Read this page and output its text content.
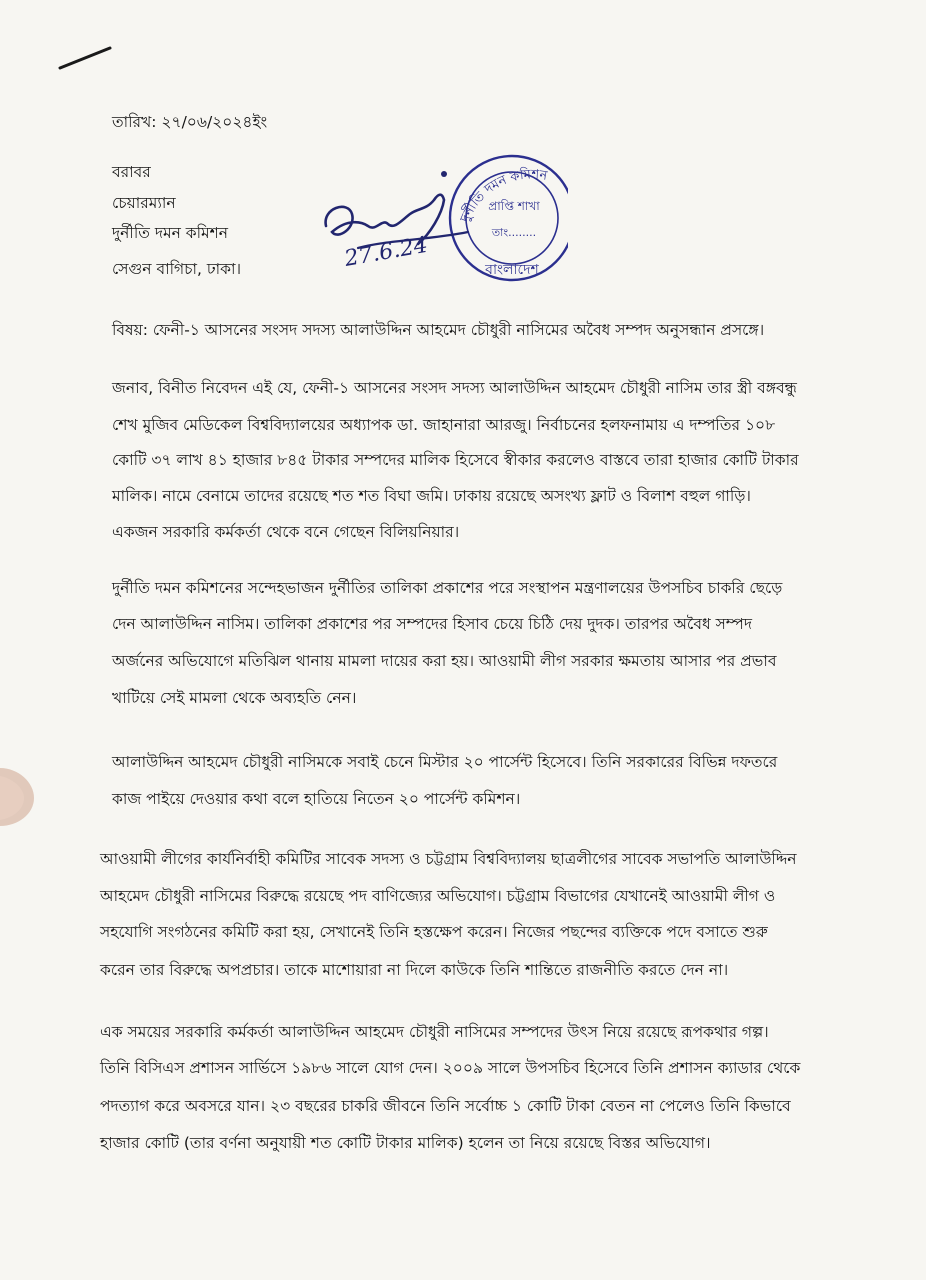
তারিখ: ২৭/০৬/২০২৪ইং
বরাবর
চেয়ারম্যান
দুর্নীতি দমন কমিশন
সেগুন বাগিচা, ঢাকা।
দুর্নীতি দমন কমিশন
বাংলাদেশ
প্রাপ্তি শাখা
তাং........
27.6.24
বিষয়: ফেনী-১ আসনের সংসদ সদস্য আলাউদ্দিন আহমেদ চৌধুরী নাসিমের অবৈধ সম্পদ অনুসন্ধান প্রসঙ্গে।
জনাব, বিনীত নিবেদন এই যে, ফেনী-১ আসনের সংসদ সদস্য আলাউদ্দিন আহমেদ চৌধুরী নাসিম তার স্ত্রী বঙ্গবন্ধু
শেখ মুজিব মেডিকেল বিশ্ববিদ্যালয়ের অধ্যাপক ডা. জাহানারা আরজু। নির্বাচনের হলফনামায় এ দম্পতির ১০৮
কোটি ৩৭ লাখ ৪১ হাজার ৮৪৫ টাকার সম্পদের মালিক হিসেবে স্বীকার করলেও বাস্তবে তারা হাজার কোটি টাকার
মালিক। নামে বেনামে তাদের রয়েছে শত শত বিঘা জমি। ঢাকায় রয়েছে অসংখ্য ফ্লাট ও বিলাশ বহুল গাড়ি।
একজন সরকারি কর্মকর্তা থেকে বনে গেছেন বিলিয়নিয়ার।
দুর্নীতি দমন কমিশনের সন্দেহভাজন দুর্নীতির তালিকা প্রকাশের পরে সংস্থাপন মন্ত্রণালয়ের উপসচিব চাকরি ছেড়ে
দেন আলাউদ্দিন নাসিম। তালিকা প্রকাশের পর সম্পদের হিসাব চেয়ে চিঠি দেয় দুদক। তারপর অবৈধ সম্পদ
অর্জনের অভিযোগে মতিঝিল থানায় মামলা দায়ের করা হয়। আওয়ামী লীগ সরকার ক্ষমতায় আসার পর প্রভাব
খাটিয়ে সেই মামলা থেকে অব্যহতি নেন।
আলাউদ্দিন আহমেদ চৌধুরী নাসিমকে সবাই চেনে মিস্টার ২০ পার্সেন্ট হিসেবে। তিনি সরকারের বিভিন্ন দফতরে
কাজ পাইয়ে দেওয়ার কথা বলে হাতিয়ে নিতেন ২০ পার্সেন্ট কমিশন।
আওয়ামী লীগের কার্যনির্বাহী কমিটির সাবেক সদস্য ও চট্টগ্রাম বিশ্ববিদ্যালয় ছাত্রলীগের সাবেক সভাপতি আলাউদ্দিন
আহমেদ চৌধুরী নাসিমের বিরুদ্ধে রয়েছে পদ বাণিজ্যের অভিযোগ। চট্টগ্রাম বিভাগের যেখানেই আওয়ামী লীগ ও
সহযোগি সংগঠনের কমিটি করা হয়, সেখানেই তিনি হস্তক্ষেপ করেন। নিজের পছন্দের ব্যক্তিকে পদে বসাতে শুরু
করেন তার বিরুদ্ধে অপপ্রচার। তাকে মাশোয়ারা না দিলে কাউকে তিনি শান্তিতে রাজনীতি করতে দেন না।
এক সময়ের সরকারি কর্মকর্তা আলাউদ্দিন আহমেদ চৌধুরী নাসিমের সম্পদের উৎস নিয়ে রয়েছে রূপকথার গল্প।
তিনি বিসিএস প্রশাসন সার্ভিসে ১৯৮৬ সালে যোগ দেন। ২০০৯ সালে উপসচিব হিসেবে তিনি প্রশাসন ক্যাডার থেকে
পদত্যাগ করে অবসরে যান। ২৩ বছরের চাকরি জীবনে তিনি সর্বোচ্চ ১ কোটি টাকা বেতন না পেলেও তিনি কিভাবে
হাজার কোটি (তার বর্ণনা অনুযায়ী শত কোটি টাকার মালিক) হলেন তা নিয়ে রয়েছে বিস্তর অভিযোগ।
